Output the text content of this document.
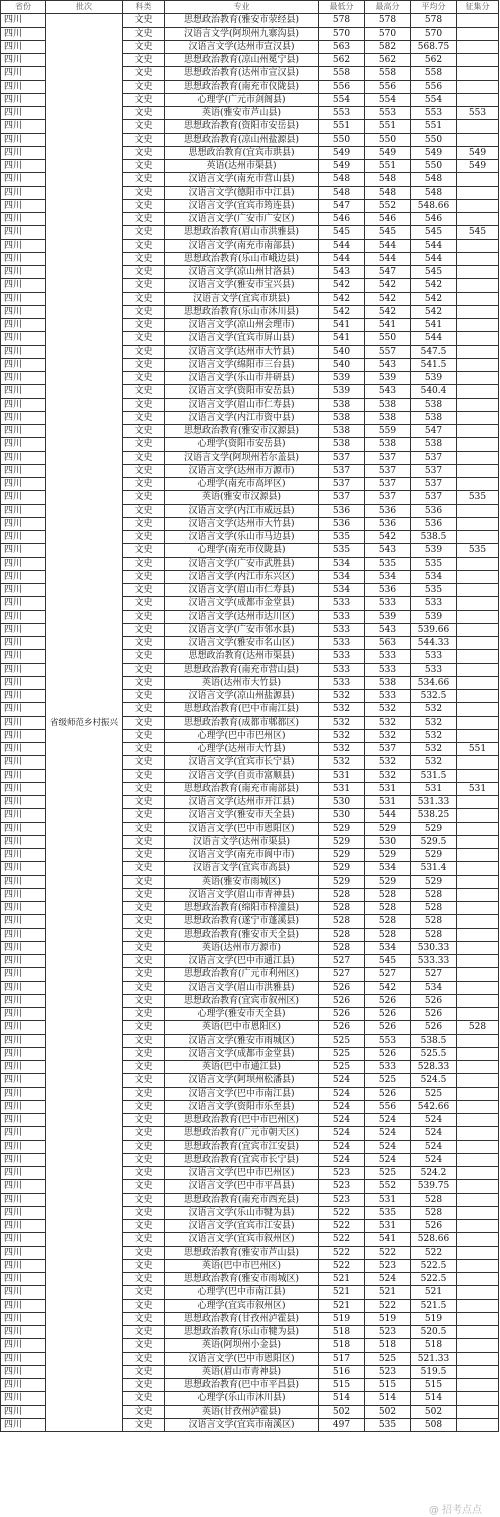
省份	批次	科类	专业	最低分	最高分	平均分	征集分
四川	省级师范乡村振兴	文史	思想政治教育(雅安市荥经县)	578	578	578	
四川		文史	汉语言文学(阿坝州九寨沟县)	570	570	570	
四川		文史	汉语言文学(达州市宣汉县)	563	582	568.75	
四川		文史	思想政治教育(凉山州冕宁县)	562	562	562	
四川		文史	思想政治教育(达州市宣汉县)	558	558	558	
四川		文史	思想政治教育(南充市仪陇县)	556	556	556	
四川		文史	心理学(广元市剑阁县)	554	554	554	
四川		文史	英语(雅安市芦山县)	553	553	553	553
四川		文史	思想政治教育(资阳市安岳县)	551	551	551	
四川		文史	思想政治教育(凉山州盐源县)	550	550	550	
四川		文史	思想政治教育(宜宾市珙县)	549	549	549	549
四川		文史	英语(达州市渠县)	549	551	550	549
四川		文史	汉语言文学(南充市营山县)	548	548	548	
四川		文史	汉语言文学(德阳市中江县)	548	548	548	
四川		文史	汉语言文学(宜宾市筠连县)	547	552	548.66	
四川		文史	汉语言文学(广安市广安区)	546	546	546	
四川		文史	思想政治教育(眉山市洪雅县)	545	545	545	545
四川		文史	汉语言文学(南充市南部县)	544	544	544	
四川		文史	思想政治教育(乐山市峨边县)	544	544	544	
四川		文史	汉语言文学(凉山州甘洛县)	543	547	545	
四川		文史	汉语言文学(雅安市宝兴县)	542	542	542	
四川		文史	汉语言文学(宜宾市珙县)	542	542	542	
四川		文史	思想政治教育(乐山市沐川县)	542	542	542	
四川		文史	汉语言文学(凉山州会理市)	541	541	541	
四川		文史	汉语言文学(宜宾市屏山县)	541	550	544	
四川		文史	汉语言文学(达州市大竹县)	540	557	547.5	
四川		文史	汉语言文学(绵阳市三台县)	540	543	541.5	
四川		文史	汉语言文学(乐山市井研县)	539	539	539	
四川		文史	汉语言文学(资阳市安岳县)	539	543	540.4	
四川		文史	汉语言文学(眉山市仁寿县)	538	538	538	
四川		文史	汉语言文学(内江市资中县)	538	538	538	
四川		文史	思想政治教育(雅安市汉源县)	538	559	547	
四川		文史	心理学(资阳市安岳县)	538	538	538	
四川		文史	汉语言文学(阿坝州若尔盖县)	537	537	537	
四川		文史	汉语言文学(达州市万源市)	537	537	537	
四川		文史	心理学(南充市高坪区)	537	537	537	
四川		文史	英语(雅安市汉源县)	537	537	537	535
四川		文史	汉语言文学(内江市威远县)	536	536	536	
四川		文史	汉语言文学(达州市大竹县)	536	536	536	
四川		文史	汉语言文学(乐山市马边县)	535	542	538.5	
四川		文史	心理学(南充市仪陇县)	535	543	539	535
四川		文史	汉语言文学(广安市武胜县)	534	535	535	
四川		文史	汉语言文学(内江市东兴区)	534	534	534	
四川		文史	汉语言文学(眉山市仁寿县)	534	536	535	
四川		文史	汉语言文学(成都市金堂县)	533	533	533	
四川		文史	汉语言文学(达州市达川区)	533	539	539	
四川		文史	汉语言文学(广安市邻水县)	533	543	539.66	
四川		文史	汉语言文学(雅安市名山区)	533	563	544.33	
四川		文史	思想政治教育(达州市渠县)	533	533	533	
四川		文史	思想政治教育(南充市营山县)	533	533	533	
四川		文史	英语(达州市大竹县)	533	538	534.66	
四川		文史	汉语言文学(凉山州盐源县)	532	533	532.5	
四川		文史	思想政治教育(巴中市南江县)	532	532	532	
四川		文史	思想政治教育(成都市郫都区)	532	532	532	
四川		文史	心理学(巴中市巴州区)	532	532	532	
四川		文史	心理学(达州市大竹县)	532	537	532	551
四川		文史	汉语言文学(宜宾市长宁县)	532	532	532	
四川		文史	汉语言文学(自贡市富顺县)	531	532	531.5	
四川		文史	思想政治教育(南充市南部县)	531	531	531	531
四川		文史	汉语言文学(达州市开江县)	530	531	531.33	
四川		文史	汉语言文学(雅安市天全县)	530	544	538.25	
四川		文史	汉语言文学(巴中市恩阳区)	529	529	529	
四川		文史	汉语言文学(达州市渠县)	529	530	529.5	
四川		文史	汉语言文学(南充市阆中市)	529	529	529	
四川		文史	汉语言文学(宜宾市高县)	529	534	531.4	
四川		文史	英语(雅安市雨城区)	529	529	529	
四川		文史	汉语言文学(眉山市青神县)	528	528	528	
四川		文史	思想政治教育(绵阳市梓潼县)	528	528	528	
四川		文史	思想政治教育(遂宁市蓬溪县)	528	528	528	
四川		文史	思想政治教育(雅安市天全县)	528	528	528	
四川		文史	英语(达州市万源市)	528	534	530.33	
四川		文史	汉语言文学(巴中市通江县)	527	545	533.33	
四川		文史	思想政治教育(广元市利州区)	527	527	527	
四川		文史	汉语言文学(眉山市洪雅县)	526	542	534	
四川		文史	思想政治教育(宜宾市叙州区)	526	526	526	
四川		文史	心理学(雅安市天全县)	526	526	526	
四川		文史	英语(巴中市恩阳区)	526	526	526	528
四川		文史	汉语言文学(雅安市雨城区)	525	553	538.5	
四川		文史	汉语言文学(成都市金堂县)	525	526	525.5	
四川		文史	英语(巴中市通江县)	525	533	528.33	
四川		文史	汉语言文学(阿坝州松潘县)	524	525	524.5	
四川		文史	汉语言文学(巴中市南江县)	524	526	525	
四川		文史	汉语言文学(资阳市乐至县)	524	556	542.66	
四川		文史	思想政治教育(巴中市巴州区)	524	524	524	
四川		文史	思想政治教育(广元市朝天区)	524	524	524	
四川		文史	思想政治教育(宜宾市江安县)	524	524	524	
四川		文史	思想政治教育(宜宾市长宁县)	524	524	524	
四川		文史	汉语言文学(巴中市巴州区)	523	525	524.2	
四川		文史	汉语言文学(巴中市平昌县)	523	552	539.75	
四川		文史	思想政治教育(南充市西充县)	523	531	528	
四川		文史	汉语言文学(乐山市犍为县)	522	535	528	
四川		文史	汉语言文学(宜宾市江安县)	522	531	526	
四川		文史	汉语言文学(宜宾市叙州区)	522	541	528.66	
四川		文史	思想政治教育(雅安市芦山县)	522	522	522	
四川		文史	英语(巴中市巴州区)	522	523	522.5	
四川		文史	思想政治教育(雅安市雨城区)	521	524	522.5	
四川		文史	心理学(巴中市南江县)	521	521	521	
四川		文史	心理学(宜宾市叙州区)	521	522	521.5	
四川		文史	思想政治教育(甘孜州泸霍县)	519	519	519	
四川		文史	思想政治教育(乐山市犍为县)	518	523	520.5	
四川		文史	英语(阿坝州小金县)	518	518	518	
四川		文史	汉语言文学(巴中市恩阳区)	517	525	521.33	
四川		文史	英语(眉山市青神县)	516	523	519.5	
四川		文史	思想政治教育(巴中市平昌县)	515	515	515	
四川		文史	心理学(乐山市沐川县)	514	514	514	
四川		文史	英语(甘孜州泸霍县)	502	502	502	
四川		文史	汉语言文学(宜宾市南溪区)	497	535	508	
@ 招考点点
